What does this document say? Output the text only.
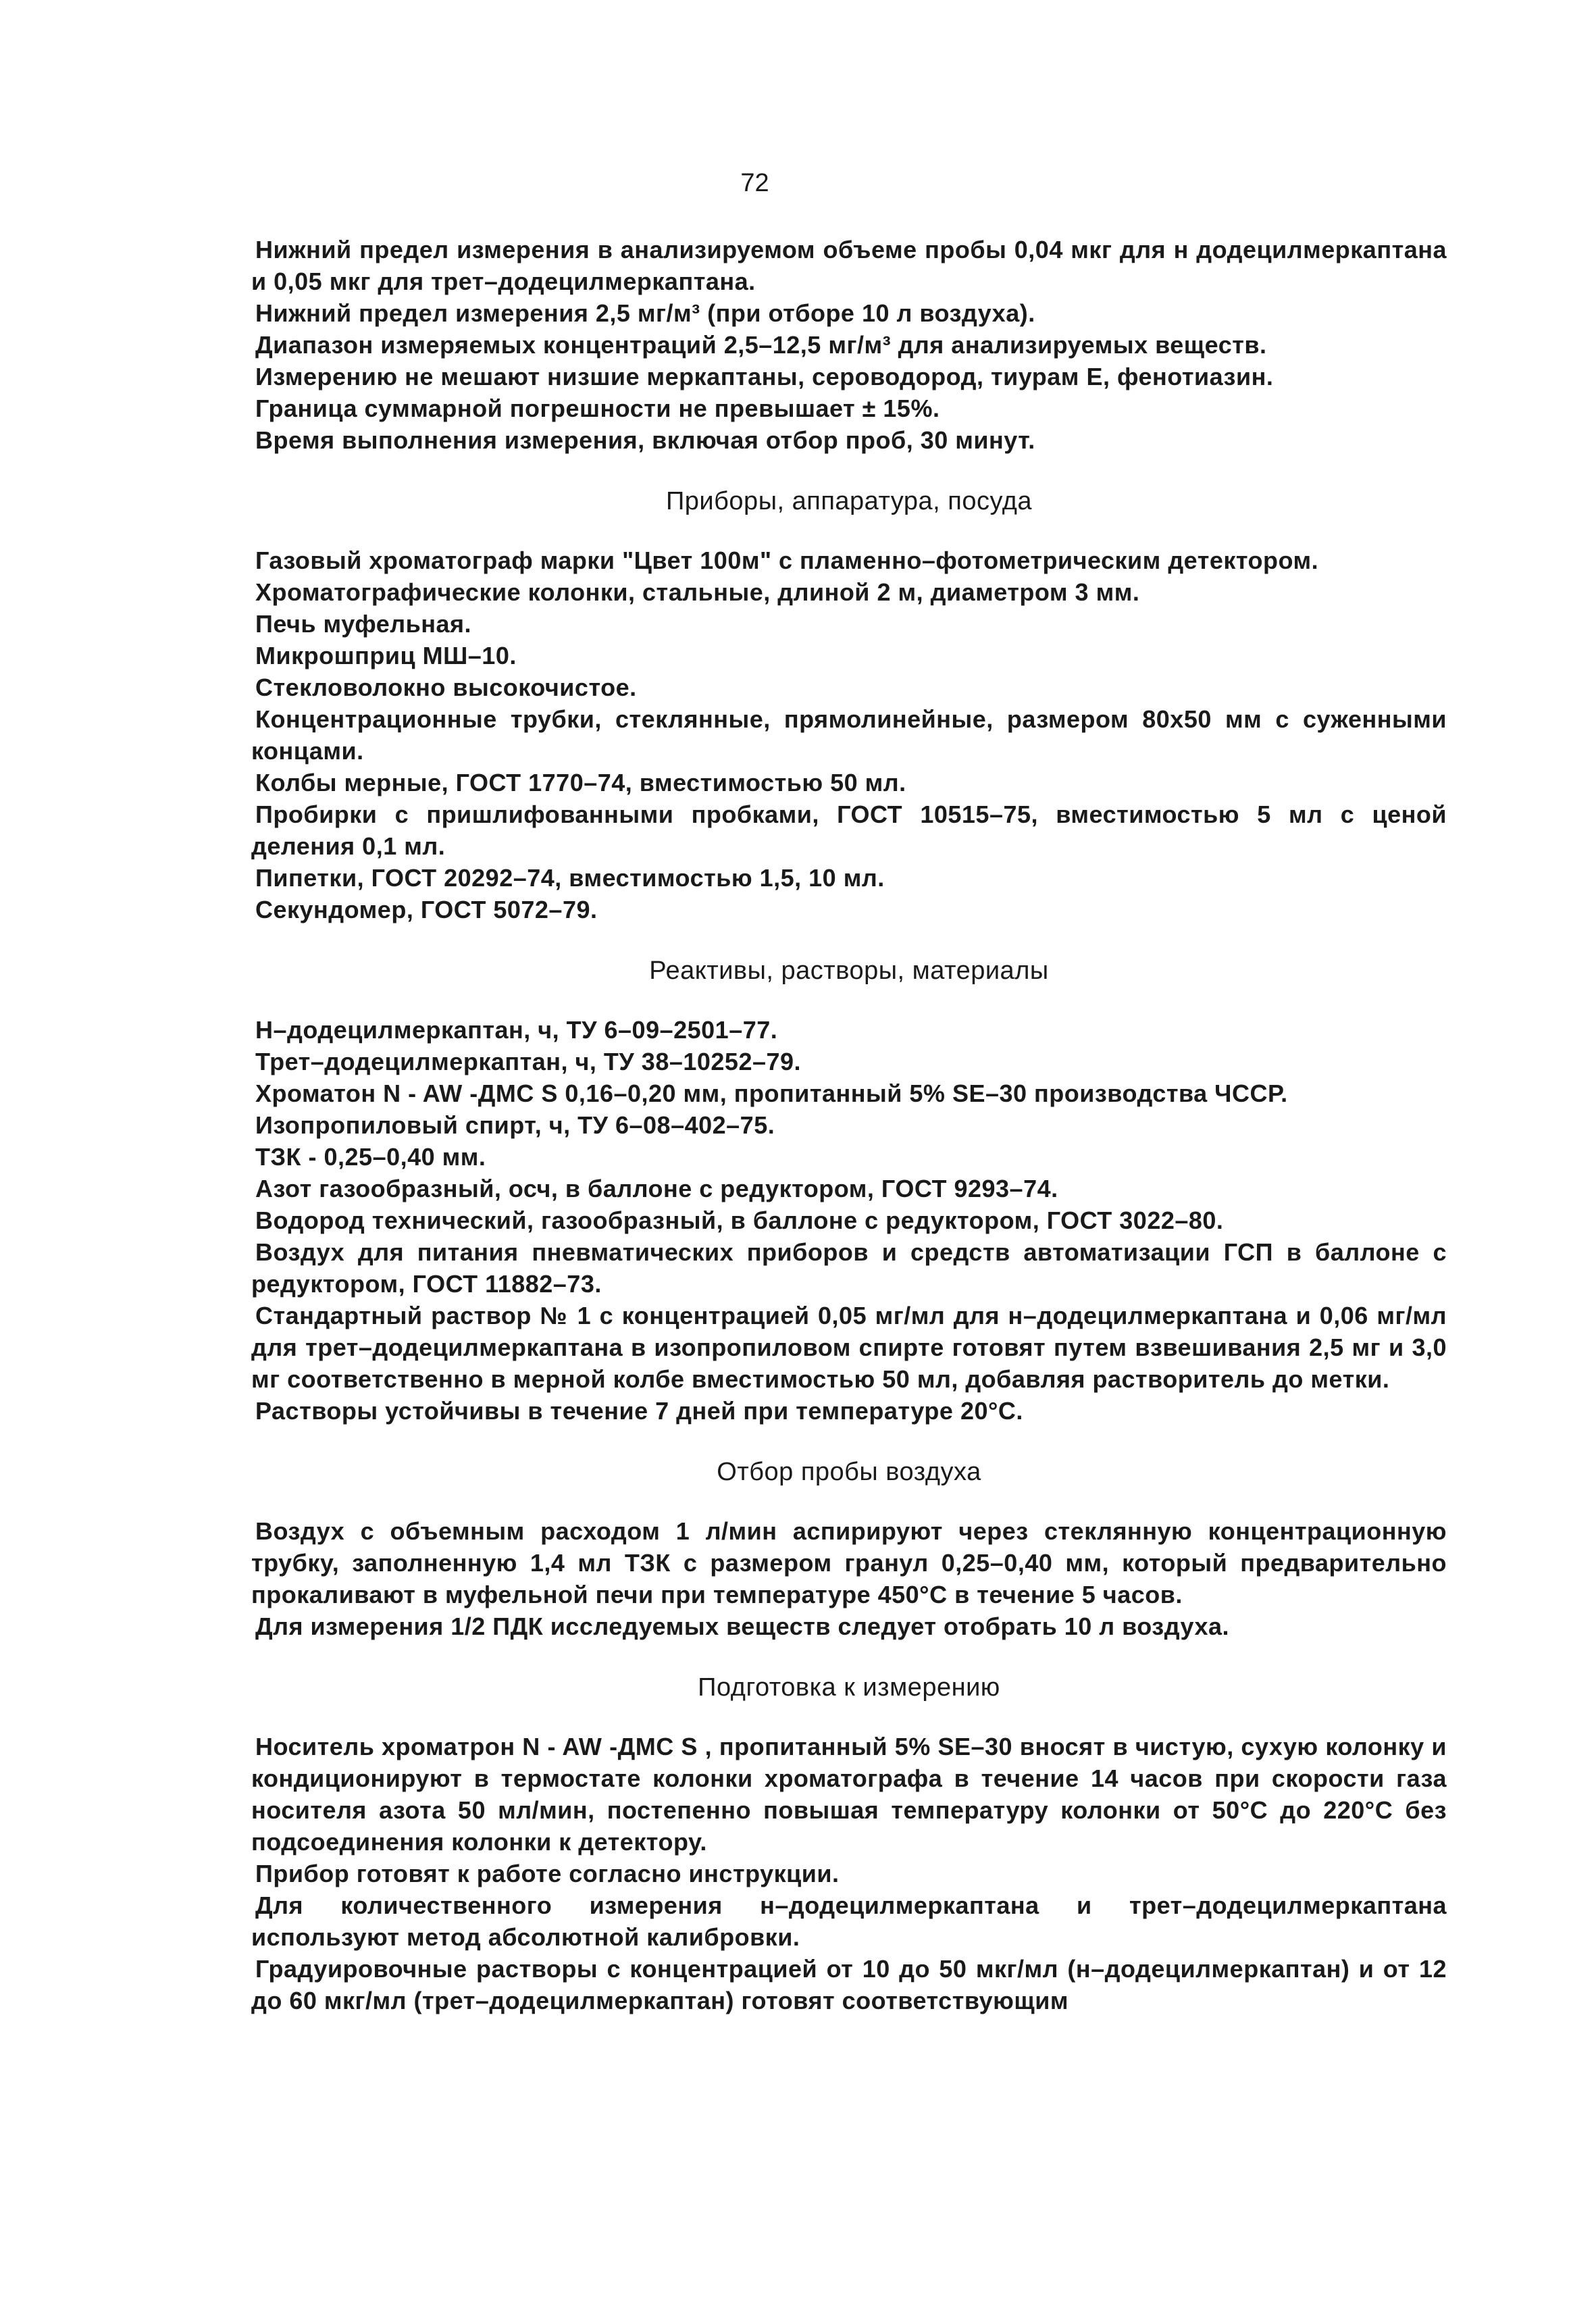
72

Нижний предел измерения в анализируемом объеме пробы 0,04 мкг для н додецилмеркаптана и 0,05 мкг для трет–додецилмеркаптана.

Нижний предел измерения 2,5 мг/м³ (при отборе 10 л воздуха).

Диапазон измеряемых концентраций 2,5–12,5 мг/м³ для анализируемых веществ.

Измерению не мешают низшие меркаптаны, сероводород, тиурам Е, фенотиазин.

Граница суммарной погрешности не превышает ± 15%.

Время выполнения измерения, включая отбор проб, 30 минут.

Приборы, аппаратура, посуда

Газовый хроматограф марки "Цвет 100м" с пламенно–фотометрическим детектором.

Хроматографические колонки, стальные, длиной 2 м, диаметром 3 мм.

Печь муфельная.

Микрошприц МШ–10.

Стекловолокно высокочистое.

Концентрационные трубки, стеклянные, прямолинейные, размером 80х50 мм с суженными концами.

Колбы мерные, ГОСТ 1770–74, вместимостью 50 мл.

Пробирки с пришлифованными пробками, ГОСТ 10515–75, вместимостью 5 мл с ценой деления 0,1 мл.

Пипетки, ГОСТ 20292–74, вместимостью 1,5, 10 мл.

Секундомер, ГОСТ 5072–79.

Реактивы, растворы, материалы

Н–додецилмеркаптан, ч, ТУ 6–09–2501–77.

Трет–додецилмеркаптан, ч, ТУ 38–10252–79.

Хроматон N - AW -ДМС S 0,16–0,20 мм, пропитанный 5% SE–30 производства ЧССР.

Изопропиловый спирт, ч, ТУ 6–08–402–75.

ТЗК - 0,25–0,40 мм.

Азот газообразный, осч, в баллоне с редуктором, ГОСТ 9293–74.

Водород технический, газообразный, в баллоне с редуктором, ГОСТ 3022–80.

Воздух для питания пневматических приборов и средств автоматизации ГСП в баллоне с редуктором, ГОСТ 11882–73.

Стандартный раствор № 1 с концентрацией 0,05 мг/мл для н–додецилмеркаптана и 0,06 мг/мл для трет–додецилмеркаптана в изопропиловом спирте готовят путем взвешивания 2,5 мг и 3,0 мг соответственно в мерной колбе вместимостью 50 мл, добавляя растворитель до метки.

Растворы устойчивы в течение 7 дней при температуре 20°С.

Отбор пробы воздуха

Воздух с объемным расходом 1 л/мин аспирируют через стеклянную концентрационную трубку, заполненную 1,4 мл ТЗК с размером гранул 0,25–0,40 мм, который предварительно прокаливают в муфельной печи при температуре 450°С в течение 5 часов.

Для измерения 1/2 ПДК исследуемых веществ следует отобрать 10 л воздуха.

Подготовка к измерению

Носитель хроматрон N - AW -ДМС S , пропитанный 5% SE–30 вносят в чистую, сухую колонку и кондиционируют в термостате колонки хроматографа в течение 14 часов при скорости газа носителя азота 50 мл/мин, постепенно повышая температуру колонки от 50°С до 220°С без подсоединения колонки к детектору.

Прибор готовят к работе согласно инструкции.

Для количественного измерения н–додецилмеркаптана и трет–додецилмеркаптана используют метод абсолютной калибровки.

Градуировочные растворы с концентрацией от 10 до 50 мкг/мл (н–додецилмеркаптан) и от 12 до 60 мкг/мл (трет–додецилмеркаптан) готовят соответствующим
